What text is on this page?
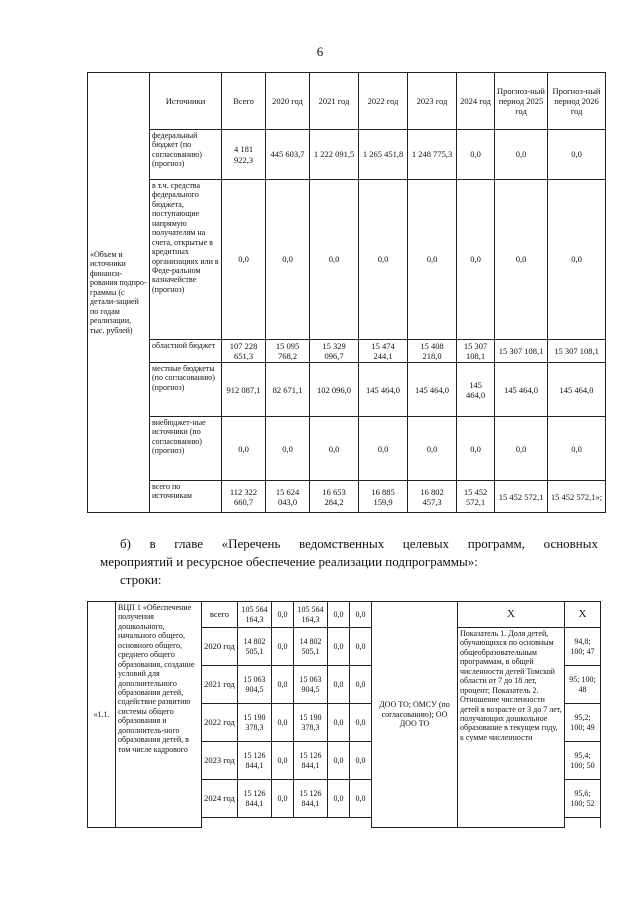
6
«Объем и источники финанси-рования подпро-граммы (с детали-зацией по годам реализации, тыс. рублей)	Источники	Всего	2020 год	2021 год	2022 год	2023 год	2024 год	Прогноз-ный период 2025 год	Прогноз-ный период 2026 год
	федеральный бюджет (по согласованию) (прогноз)	4 181 922,3	445 603,7	1 222 091,5	1 265 451,8	1 248 775,3	0,0	0,0	0,0
	в т.ч. средства федерального бюджета, поступающие напрямую получателям на счета, открытые в кредитных организациях или в Феде-ральном казначействе (прогноз)	0,0	0,0	0,0	0,0	0,0	0,0	0,0	0,0
	областной бюджет	107 228 651,3	15 095 768,2	15 329 096,7	15 474 244,1	15 408 218,0	15 307 108,1	15 307 108,1	15 307 108,1
	местные бюджеты (по согласованию) (прогноз)	912 087,1	82 671,1	102 096,0	145 464,0	145 464,0	145 464,0	145 464,0	145 464,0
	внебюджет-ные источники (по согласованию) (прогноз)	0,0	0,0	0,0	0,0	0,0	0,0	0,0	0,0
	всего по источникам	112 322 660,7	15 624 043,0	16 653 284,2	16 885 159,9	16 802 457,3	15 452 572,1	15 452 572,1	15 452 572,1»;
б) в главе «Перечень ведомственных целевых программ, основных
мероприятий и ресурсное обеспечение реализации подпрограммы»:
строки:
«1.1.	ВЦП 1 «Обеспечение получения дошкольного, начального общего, основного общего, среднего общего образования, создание условий для дополнительного образования детей, содействие развитию системы общего образования и дополнитель-ного образования детей, в том числе кадрового	всего	105 564 164,3	0,0	105 564 164,3	0,0	0,0	ДОО ТО; ОМСУ (по согласованию); ОО ДОО ТО	Х	Х
		2020 год	14 802 505,1	0,0	14 802 505,1	0,0	0,0		Показатель 1. Доля детей, обучающихся по основным общеобразовательным программам, в общей численности детей Томской области от 7 до 18 лет, процент; Показатель 2. Отношение численности детей в возрасте от 3 до 7 лет, получающих дошкольное образование в текущем году, к сумме численности	94,8; 100; 47
		2021 год	15 063 904,5	0,0	15 063 904,5	0,0	0,0			95; 100; 48
		2022 год	15 190 378,3	0,0	15 190 378,3	0,0	0,0			95,2; 100; 49
		2023 год	15 126 844,1	0,0	15 126 844,1	0,0	0,0			95,4; 100; 50
		2024 год	15 126 844,1	0,0	15 126 844,1	0,0	0,0			95,6; 100; 52
